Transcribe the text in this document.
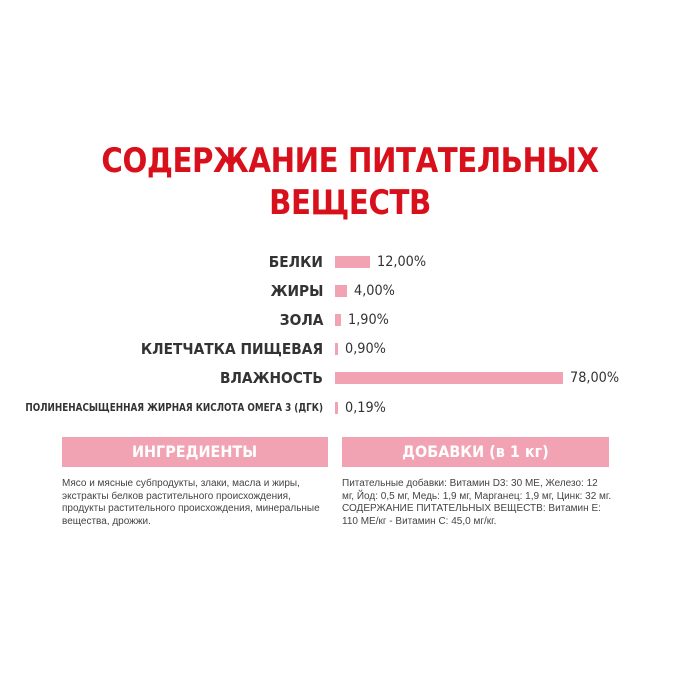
СОДЕРЖАНИЕ ПИТАТЕЛЬНЫХ
ВЕЩЕСТВ
БЕЛКИ	12,00%
ЖИРЫ 4,00%
ЗОЛА 1,90%
КЛЕТЧАТКА ПИЩЕВАЯ 0,90%
ВЛАЖНОСТЬ	78,00%
ПОЛИНЕНАСЫЩЕННАЯ ЖИРНАЯ КИСЛОТА ОМЕГА 3 (ДГК) 0,19%
ИНГРЕДИЕНТЫ	ДОБАВКИ (в 1 кг)
Мясо и мясные субпродукты, злаки, масла и жиры, экстракты белков растительного происхождения, продукты растительного происхождения, минеральные вещества, дрожжи.
Питательные добавки: Витамин D3: 30 МЕ, Железо: 12 мг, Йод: 0,5 мг, Медь: 1,9 мг, Марганец: 1,9 мг, Цинк: 32 мг. СОДЕРЖАНИЕ ПИТАТЕЛЬНЫХ ВЕЩЕСТВ: Витамин Е: 110 МЕ/кг - Витамин С: 45,0 мг/кг.
